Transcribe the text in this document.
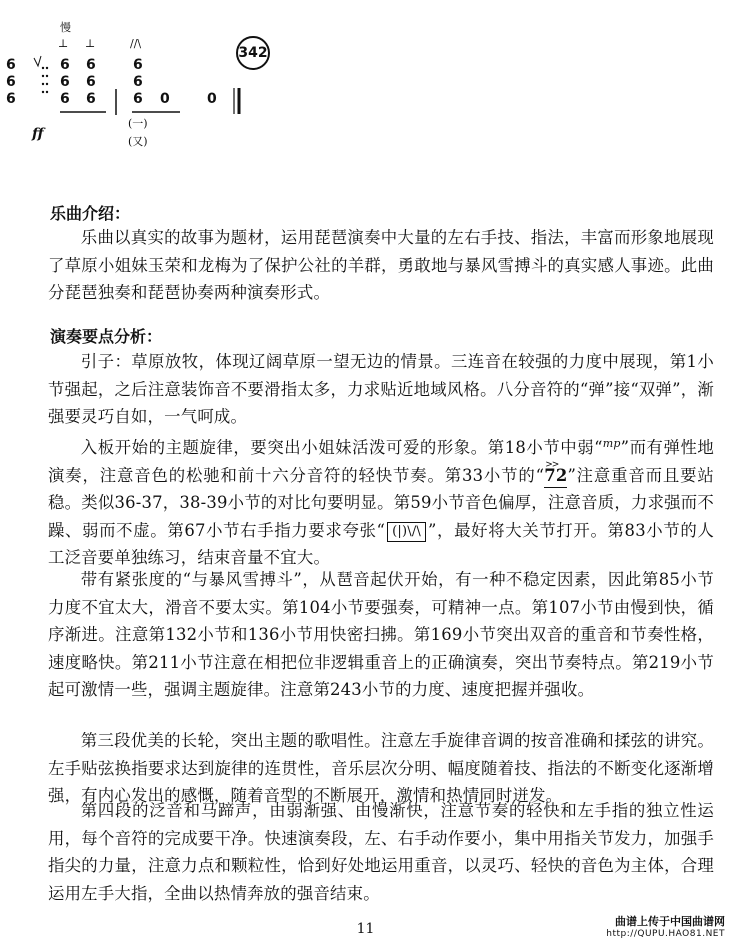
慢
⊥ ⊥	//\
342
6
6
6
6
6
6
6
6
6
6
6
6 0	0
(一)
(又)
ff
乐曲介绍：

乐曲以真实的故事为题材，运用琵琶演奏中大量的左右手技、指法，丰富而形象地展现了草原小姐妹玉荣和龙梅为了保护公社的羊群，勇敢地与暴风雪搏斗的真实感人事迹。此曲分琵琶独奏和琵琶协奏两种演奏形式。

演奏要点分析：

引子：草原放牧，体现辽阔草原一望无边的情景。三连音在较强的力度中展现，第1小节强起，之后注意装饰音不要滑指太多，力求贴近地域风格。八分音符的“弹”接“双弹”，渐强要灵巧自如，一气呵成。

入板开始的主题旋律，要突出小姐妹活泼可爱的形象。第18小节中弱“$^{mp}$”而有弹性地演奏，注意音色的松驰和前十六分音符的轻快节奏。第33小节的“>> 72”注意重音而且要站稳。类似36-37，38-39小节的对比句要明显。第59小节音色偏厚，注意音质，力求强而不躁、弱而不虚。第67小节右手指力要求夸张“ (|)\/\ ”，最好将大关节打开。第83小节的人工泛音要单独练习，结束音量不宜大。

带有紧张度的“与暴风雪搏斗”，从琶音起伏开始，有一种不稳定因素，因此第85小节力度不宜太大，滑音不要太实。第104小节要强奏，可精神一点。第107小节由慢到快，循序渐进。注意第132小节和136小节用快密扫拂。第169小节突出双音的重音和节奏性格，速度略快。第211小节注意在相把位非逻辑重音上的正确演奏，突出节奏特点。第219小节起可激情一些，强调主题旋律。注意第243小节的力度、速度把握并强收。

第三段优美的长轮，突出主题的歌唱性。注意左手旋律音调的按音准确和揉弦的讲究。左手贴弦换指要求达到旋律的连贯性，音乐层次分明、幅度随着技、指法的不断变化逐渐增强，有内心发出的感慨，随着音型的不断展开，激情和热情同时迸发。

第四段的泛音和马蹄声，由弱渐强、由慢渐快，注意节奏的轻快和左手指的独立性运用，每个音符的完成要干净。快速演奏段，左、右手动作要小，集中用指关节发力，加强手指尖的力量，注意力点和颗粒性，恰到好处地运用重音，以灵巧、轻快的音色为主体，合理运用左手大指，全曲以热情奔放的强音结束。

11	曲谱上传于中国曲谱网
http://QUPU.HAO81.NET
